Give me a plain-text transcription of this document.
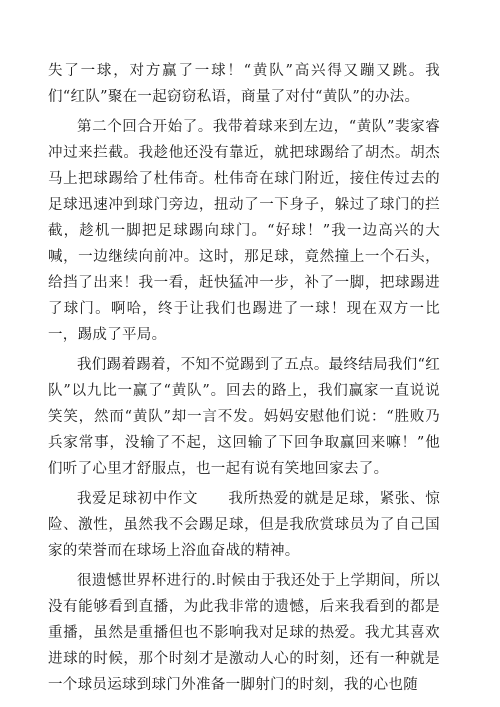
失了一球，对方赢了一球！“黄队”高兴得又蹦又跳。我们“红队”聚在一起窃窃私语，商量了对付“黄队”的办法。

第二个回合开始了。我带着球来到左边，“黄队”裴家睿冲过来拦截。我趁他还没有靠近，就把球踢给了胡杰。胡杰马上把球踢给了杜伟奇。杜伟奇在球门附近，接住传过去的足球迅速冲到球门旁边，扭动了一下身子，躲过了球门的拦截，趁机一脚把足球踢向球门。“好球！”我一边高兴的大喊，一边继续向前冲。这时，那足球，竟然撞上一个石头，给挡了出来！我一看，赶快猛冲一步，补了一脚，把球踢进了球门。啊哈，终于让我们也踢进了一球！现在双方一比一，踢成了平局。

我们踢着踢着，不知不觉踢到了五点。最终结局我们“红队”以九比一赢了“黄队”。回去的路上，我们赢家一直说说笑笑，然而“黄队”却一言不发。妈妈安慰他们说：“胜败乃兵家常事，没输了不起，这回输了下回争取赢回来嘛！”他们听了心里才舒服点，也一起有说有笑地回家去了。

我爱足球初中作文　　我所热爱的就是足球，紧张、惊险、激性，虽然我不会踢足球，但是我欣赏球员为了自己国家的荣誉而在球场上浴血奋战的精神。

很遗憾世界杯进行的.时候由于我还处于上学期间，所以没有能够看到直播，为此我非常的遗憾，后来我看到的都是重播，虽然是重播但也不影响我对足球的热爱。我尤其喜欢进球的时候，那个时刻才是激动人心的时刻，还有一种就是一个球员运球到球门外准备一脚射门的时刻，我的心也随
